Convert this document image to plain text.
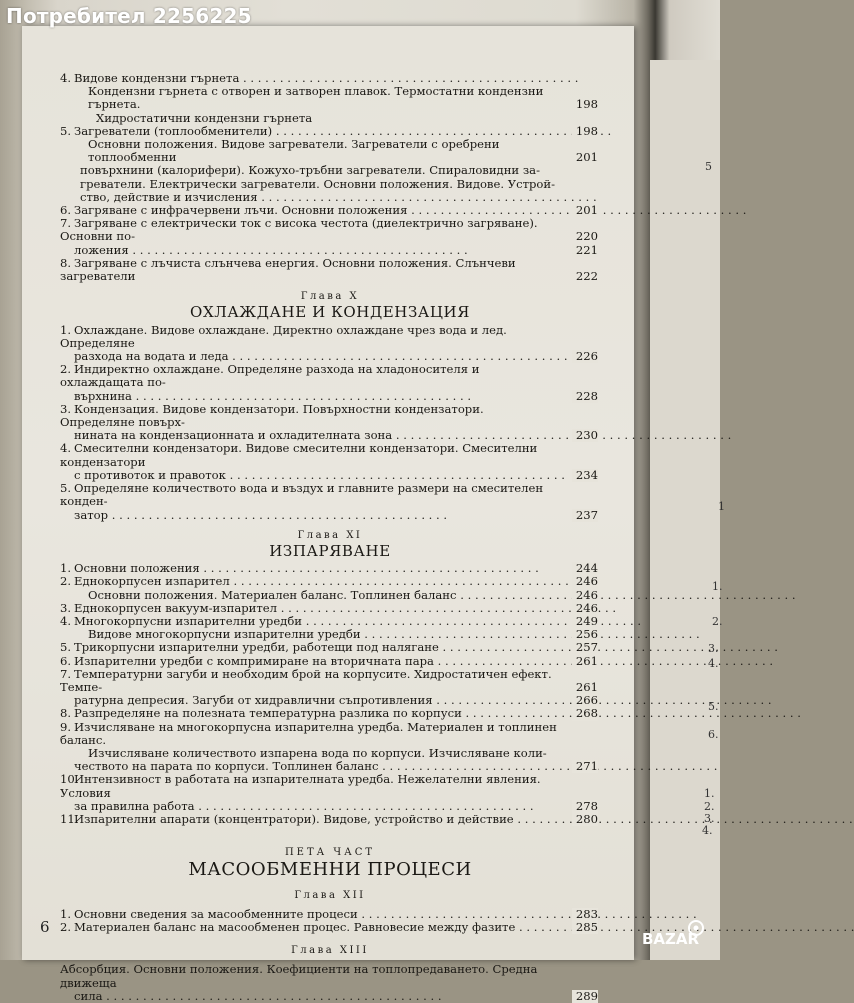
5
1
1.
2.
3.
4.
5.
6.
1.
2.
3.
4.
Потребител 2256225
4. Видове кондензни гърнета . . .
Кондензни гърнета с отворен и затворен плавок. Термостатни кондензни гърнета.	198
Хидростатични кондензни гърнета
5. Загреватели (топлообменители) . . .	198
Основни положения. Видове загреватели. Загреватели с оребрени топлообменни	201
повърхнини (калорифери). Кожухо-тръбни загреватели. Спираловидни за-
греватели. Електрически загреватели. Основни положения. Видове. Устрой-
ство, действие и изчисления . . .
6. Загряване с инфрачервени лъчи. Основни положения . . .	201
7. Загряване с електрически ток с висока честота (диелектрично загряване). Основни по-	220
ложения . . .	221
8. Загряване с лъчиста слънчева енергия. Основни положения. Слънчеви загреватели	222
Глава X
ОХЛАЖДАНЕ И КОНДЕНЗАЦИЯ
1. Охлаждане. Видове охлаждане. Директно охлаждане чрез вода и лед. Определяне
разхода на водата и леда . . .	226
2. Индиректно охлаждане. Определяне разхода на хладоносителя и охлаждащата по-
върхнина . . .	228
3. Кондензация. Видове кондензатори. Повърхностни кондензатори. Определяне повърх-
нината на кондензационната и охладителната зона . . .	230
4. Смесителни кондензатори. Видове смесителни кондензатори. Смесителни кондензатори
с противоток и правоток . . .	234
5. Определяне количеството вода и въздух и главните размери на смесителен конден-
затор . . .	237
Глава XI
ИЗПАРЯВАНЕ
1. Основни положения . . .	244
2. Еднокорпусен изпарител . . .	246
Основни положения. Материален баланс. Топлинен баланс . . .	246
3. Еднокорпусен вакуум-изпарител . . .	246
4. Многокорпусни изпарителни уредби . . .	249
Видове многокорпусни изпарителни уредби . . .	256
5. Трикорпусни изпарителни уредби, работещи под налягане . . .	257
6. Изпарителни уредби с компримиране на вторичната пара . . .	261
7. Температурни загуби и необходим брой на корпусите. Хидростатичен ефект. Темпе-	261
ратурна депресия. Загуби от хидравлични съпротивления . . .	266
8. Разпределяне на полезната температурна разлика по корпуси . . .	268
9. Изчисляване на многокорпусна изпарителна уредба. Материален и топлинен баланс.
Изчисляване количеството изпарена вода по корпуси. Изчисляване коли-
чеството на парата по корпуси. Топлинен баланс . . .	271
10.Интензивност в работата на изпарителната уредба. Нежелателни явления. Условия
за правилна работа . . .	278
11.Изпарителни апарати (концентратори). Видове, устройство и действие . . .	280
ПЕТА ЧАСТ
МАСООБМЕННИ ПРОЦЕСИ
Глава XII
1. Основни сведения за масообменните процеси . . .	283
2. Материален баланс на масообменен процес. Равновесие между фазите . . .	285
Глава XIII
Абсорбция. Основни положения. Коефициенти на топлопредаването. Средна движеща
сила . . .	289
6
BAZAR
